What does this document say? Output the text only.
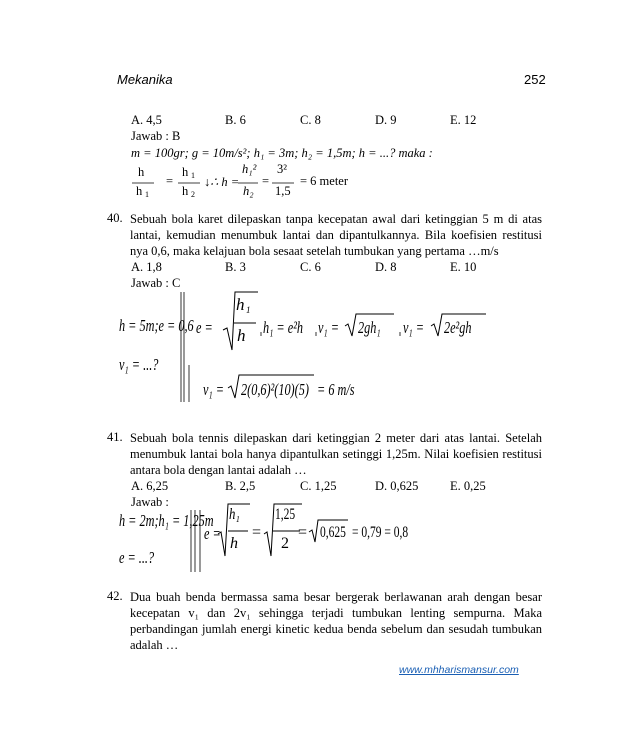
Mekanika	252
A. 4,5	B. 6	C. 8	D. 9	E. 12
Jawab : B
m = 100gr; g = 10m/s²; h₁ = 3m; h₂ = 1,5m; h = ...? maka :
h
h 1
=
h 1
h 2
↓∴ h =
h₁²
h₂
=
3²
1,5
= 6 meter
40. Sebuah bola karet dilepaskan tanpa kecepatan awal dari ketinggian 5 m di atas lantai, kemudian menumbuk lantai dan dipantulkannya. Bila koefisien restitusi nya 0,6, maka kelajuan bola sesaat setelah tumbukan yang pertama …m/s
A. 1,8	B. 3	C. 6	D. 8	E. 10
Jawab : C
h = 5m;e = 0,6
v₁ = ...?
e =
h 1
h h₁ = e²h v₁ = 2gh₁ v₁ = 2e²gh
v₁ = 2(0,6)²(10)(5) = 6 m/s
41. Sebuah bola tennis dilepaskan dari ketinggian 2 meter dari atas lantai. Setelah menumbuk lantai bola hanya dipantulkan setinggi 1,25m. Nilai koefisien restitusi antara bola dengan lantai adalah …
A. 6,25	B. 2,5	C. 1,25	D. 0,625	E. 0,25
Jawab :
h = 2m;h₁ = 1,25m
e = ...?
e =
h₁
h
=
1,25
2
= 0,625 = 0,79 = 0,8
42. Dua buah benda bermassa sama besar bergerak berlawanan arah dengan besar kecepatan v₁ dan 2v₁ sehingga terjadi tumbukan lenting sempurna. Maka perbandingan jumlah energi kinetic kedua benda sebelum dan sesudah tumbukan adalah …
www.mhharismansur.com
